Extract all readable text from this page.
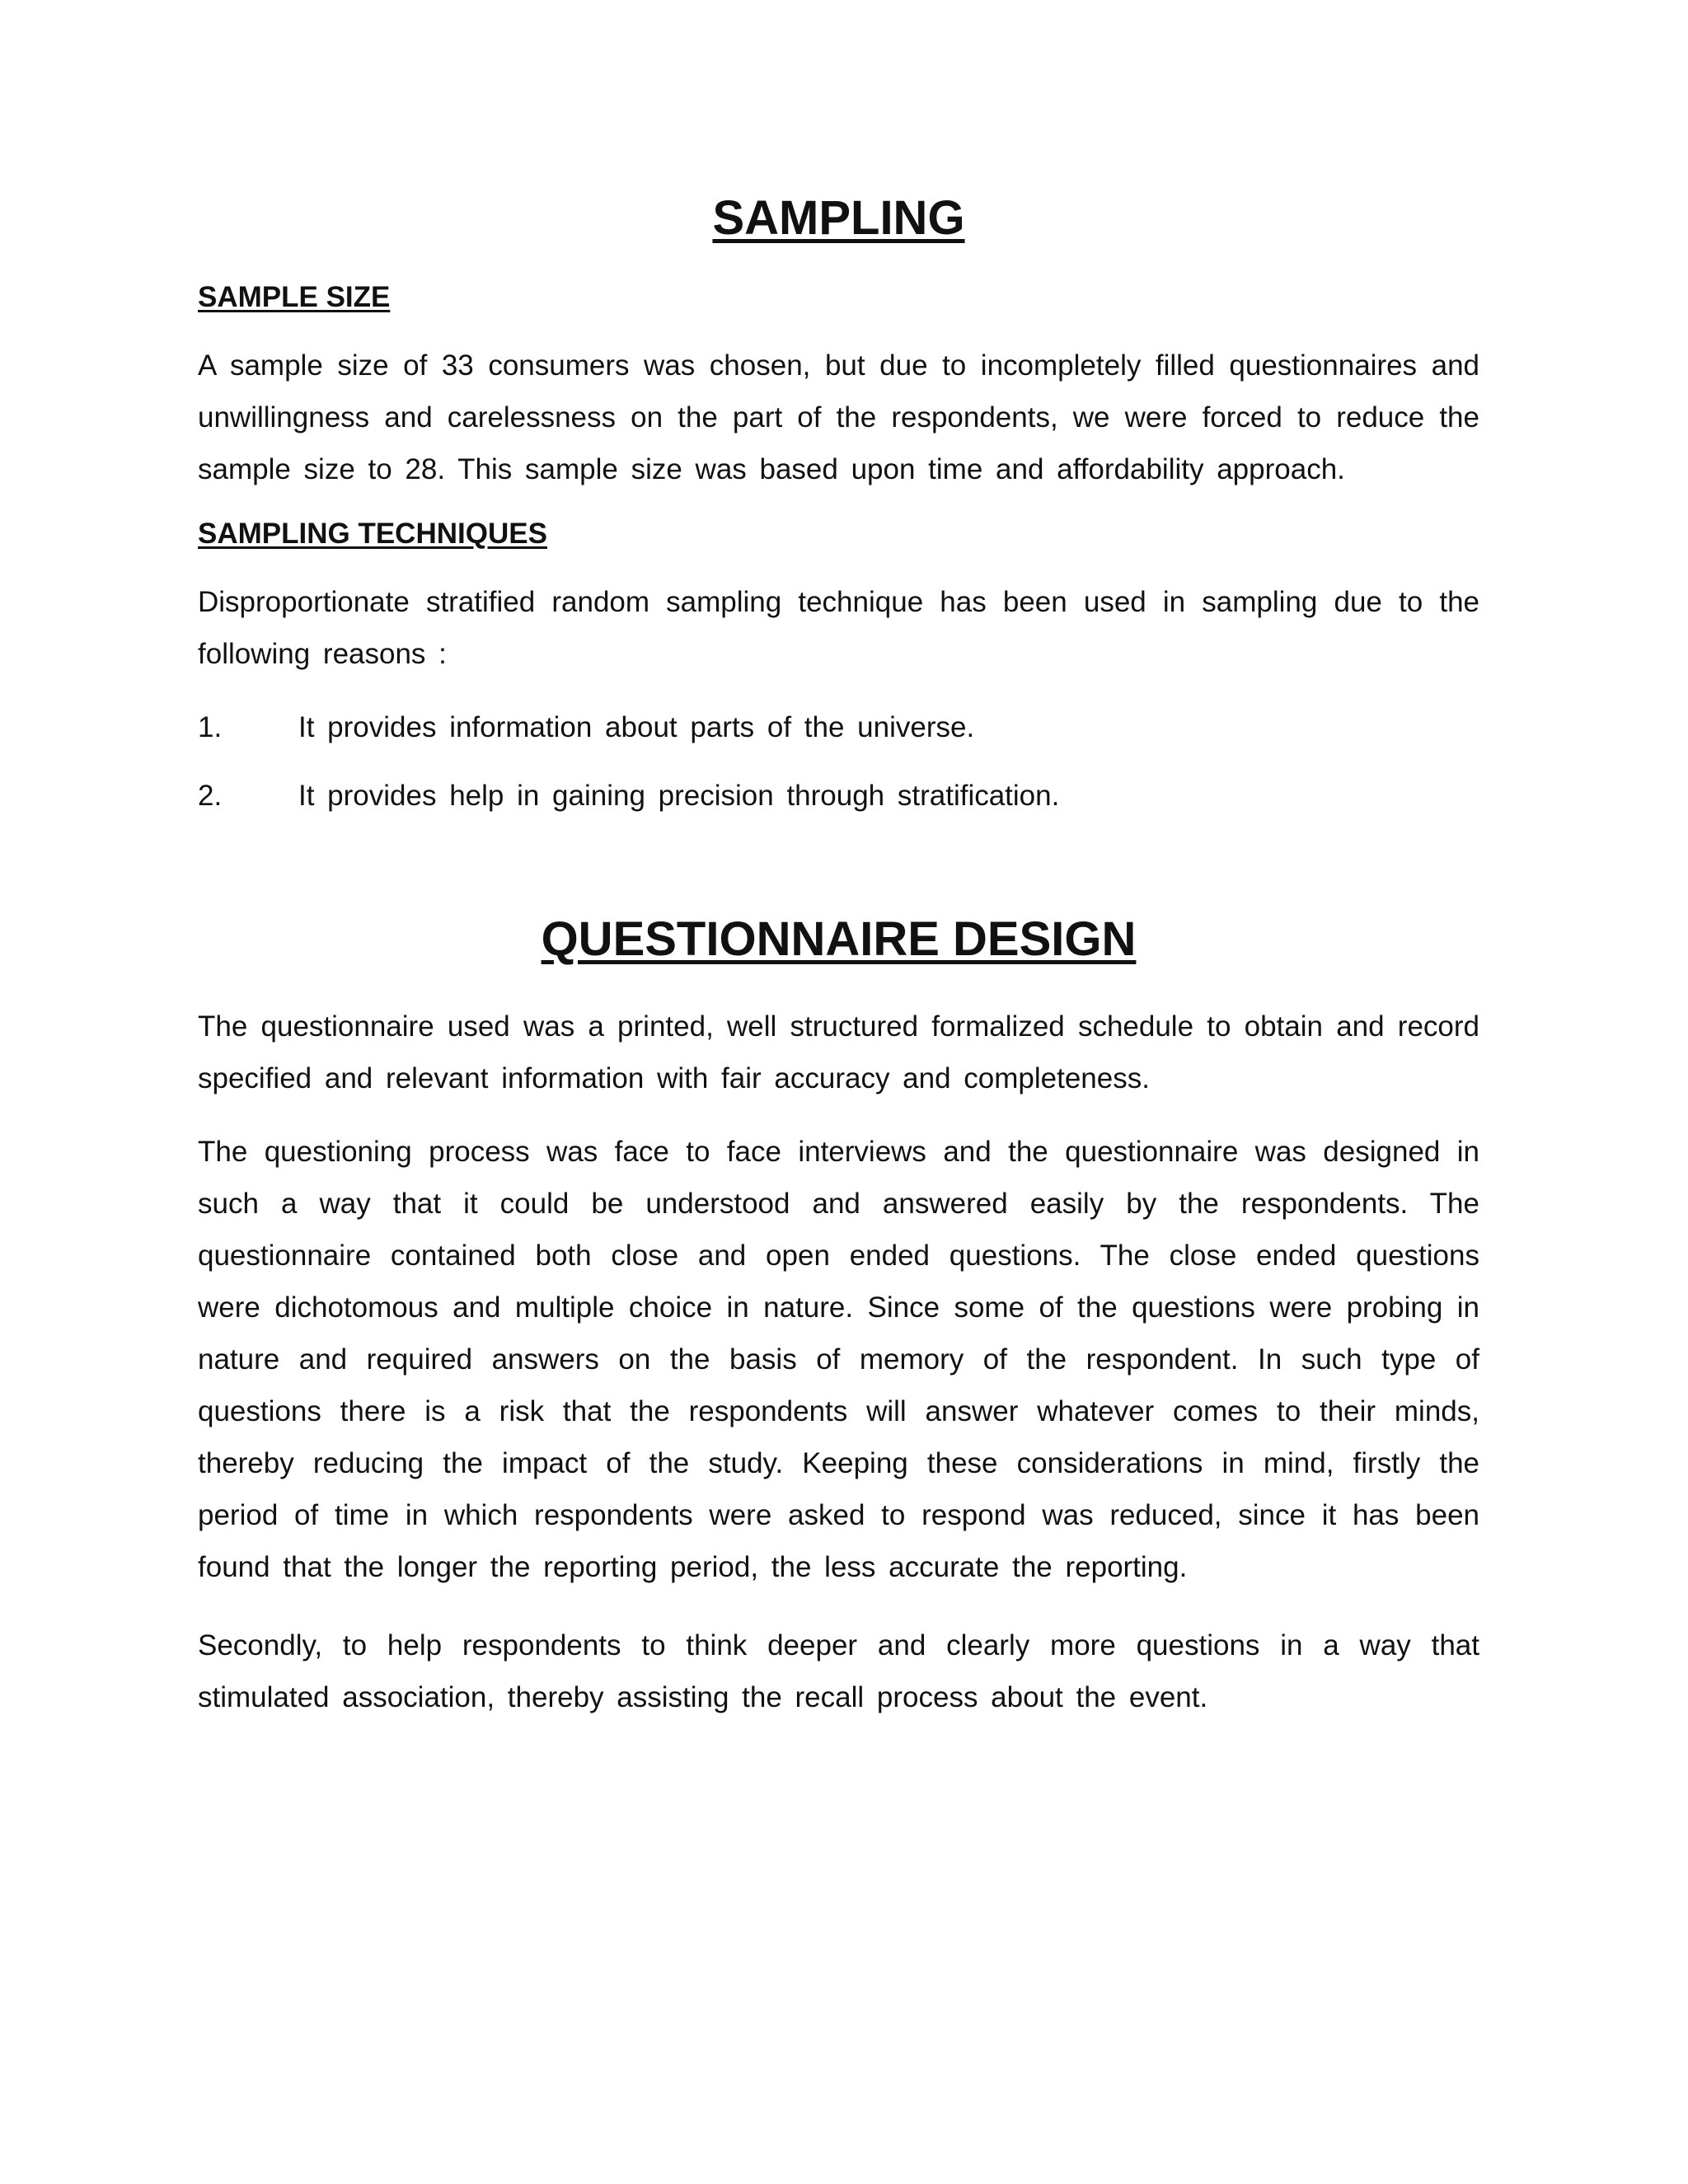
SAMPLING
SAMPLE SIZE

A sample size of 33 consumers was chosen, but due to incompletely filled questionnaires and unwillingness and carelessness on the part of the respondents, we were forced to reduce the sample size to 28. This sample size was based upon time and affordability approach.

SAMPLING TECHNIQUES

Disproportionate stratified random sampling technique has been used in sampling due to the following reasons :

1.	It provides information about parts of the universe.
2.	It provides help in gaining precision through stratification.
QUESTIONNAIRE DESIGN

The questionnaire used was a printed, well structured formalized schedule to obtain and record specified and relevant information with fair accuracy and completeness.

The questioning process was face to face interviews and the questionnaire was designed in such a way that it could be understood and answered easily by the respondents. The questionnaire contained both close and open ended questions. The close ended questions were dichotomous and multiple choice in nature. Since some of the questions were probing in nature and required answers on the basis of memory of the respondent. In such type of questions there is a risk that the respondents will answer whatever comes to their minds, thereby reducing the impact of the study. Keeping these considerations in mind, firstly the period of time in which respondents were asked to respond was reduced, since it has been found that the longer the reporting period, the less accurate the reporting.

Secondly, to help respondents to think deeper and clearly more questions in a way that stimulated association, thereby assisting the recall process about the event.
